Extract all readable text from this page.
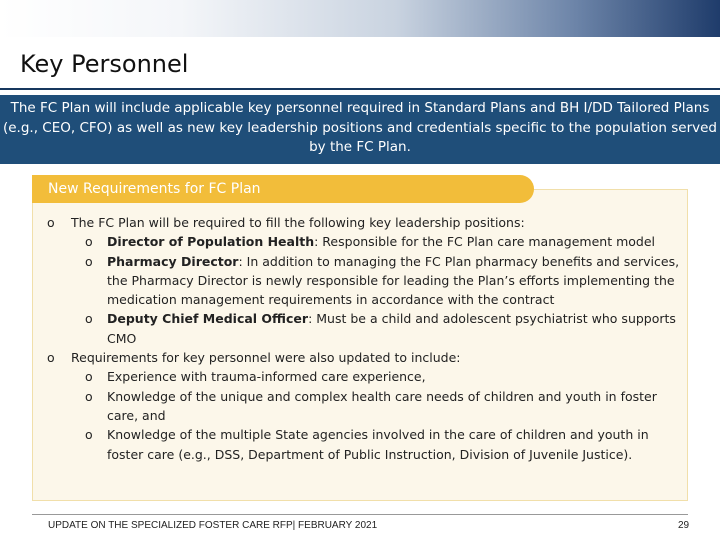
Key Personnel
The FC Plan will include applicable key personnel required in Standard Plans and BH I/DD Tailored Plans (e.g., CEO, CFO) as well as new key leadership positions and credentials specific to the population served by the FC Plan.
New Requirements for FC Plan
o The FC Plan will be required to fill the following key leadership positions:
o Director of Population Health: Responsible for the FC Plan care management model
o Pharmacy Director: In addition to managing the FC Plan pharmacy benefits and services, the Pharmacy Director is newly responsible for leading the Plan’s efforts implementing the medication management requirements in accordance with the contract
o Deputy Chief Medical Officer: Must be a child and adolescent psychiatrist who supports CMO
o Requirements for key personnel were also updated to include:
o Experience with trauma-informed care experience,
o Knowledge of the unique and complex health care needs of children and youth in foster care, and
o Knowledge of the multiple State agencies involved in the care of children and youth in foster care (e.g., DSS, Department of Public Instruction, Division of Juvenile Justice).
UPDATE ON THE SPECIALIZED FOSTER CARE RFP| FEBRUARY 2021	29
